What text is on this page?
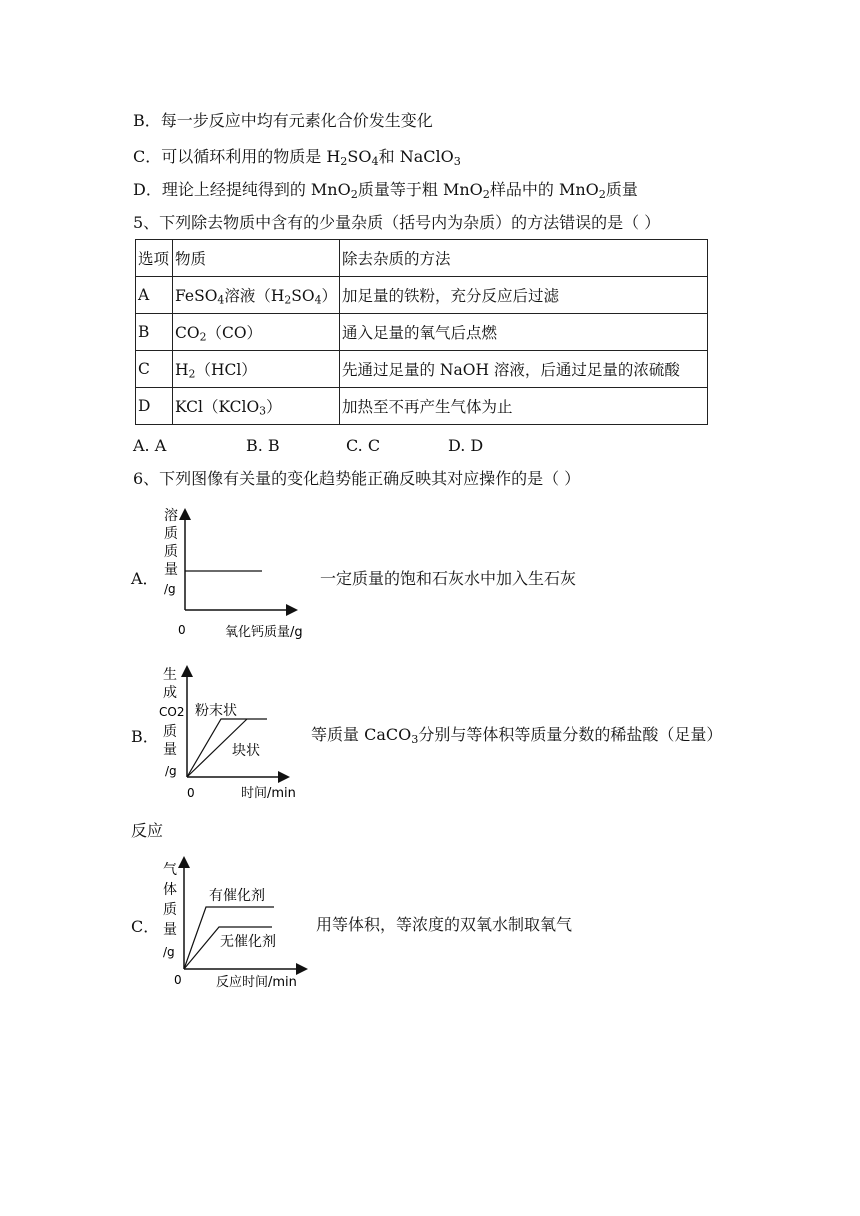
B．每一步反应中均有元素化合价发生变化
C．可以循环利用的物质是 $H_2SO_4$和 NaClO$_3$
D．理论上经提纯得到的 MnO$_2$质量等于粗 MnO$_2$样品中的 MnO$_2$质量
5、下列除去物质中含有的少量杂质（括号内为杂质）的方法错误的是（ ）
选项	物质	除去杂质的方法
A	FeSO$_4$溶液$(H_2SO_4)$	加足量的铁粉，充分反应后过滤
B	$CO_2(CO)$	通入足量的氧气后点燃
C	$H_2(HCl)$	先通过足量的 NaOH 溶液，后通过足量的浓硫酸
D	KCl（KClO$_3$）	加热至不再产生气体为止
A. A	B. B	C. C	D. D
6、下列图像有关量的变化趋势能正确反映其对应操作的是（ ）
A．
溶
质
质
量
/g
0	氧化钙质量/g
一定质量的饱和石灰水中加入生石灰
B．
生
成
CO2
质
量
/g
粉末状
块状
0	时间/min
等质量 CaCO$_3$分别与等体积等质量分数的稀盐酸（足量）
反应
C．
气
体
质
量
/g
有催化剂
无催化剂
0	反应时间/min
用等体积，等浓度的双氧水制取氧气
